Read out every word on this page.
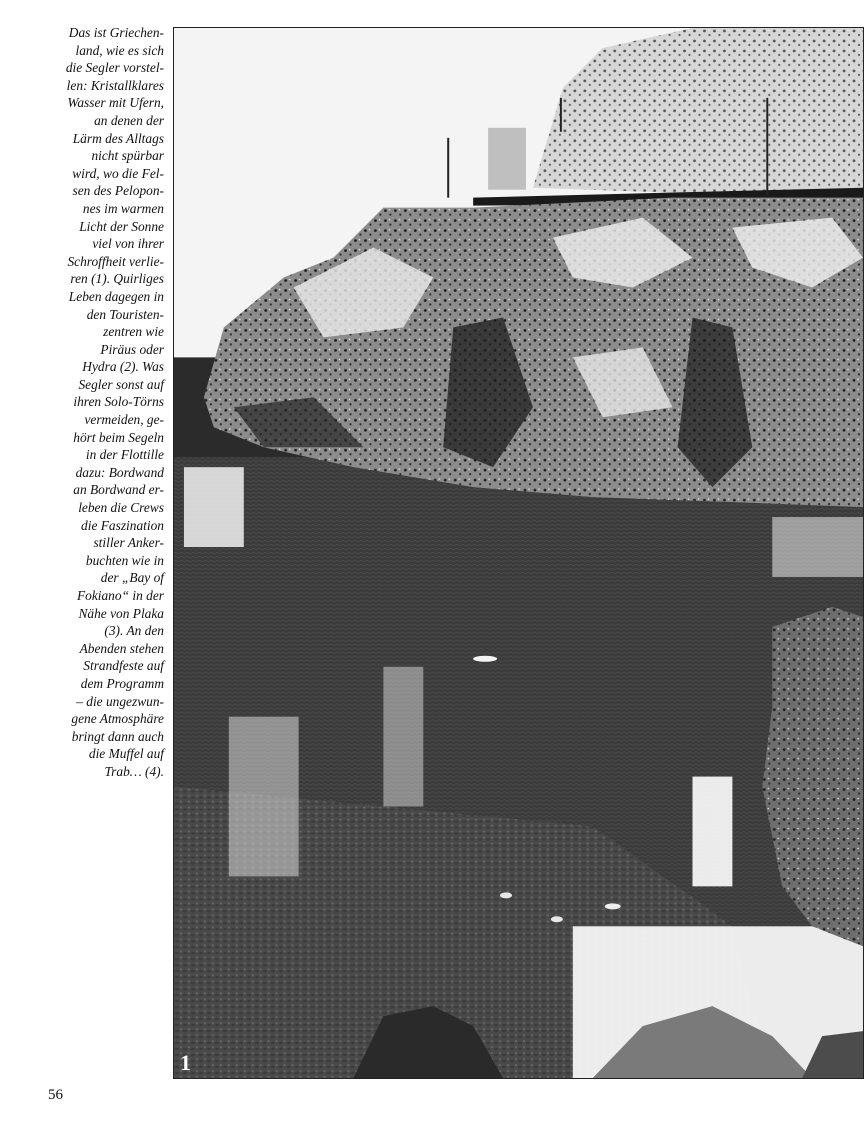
Das ist Griechen-
land, wie es sich
die Segler vorstel-
len: Kristallklares
Wasser mit Ufern,
an denen der
Lärm des Alltags
nicht spürbar
wird, wo die Fel-
sen des Pelopon-
nes im warmen
Licht der Sonne
viel von ihrer
Schroffheit verlie-
ren (1). Quirliges
Leben dagegen in
den Touristen-
zentren wie
Piräus oder
Hydra (2). Was
Segler sonst auf
ihren Solo-Törns
vermeiden, ge-
hört beim Segeln
in der Flottille
dazu: Bordwand
an Bordwand er-
leben die Crews
die Faszination
stiller Anker-
buchten wie in
der „Bay of
Fokiano“ in der
Nähe von Plaka
(3). An den
Abenden stehen
Strandfeste auf
dem Programm
– die ungezwun-
gene Atmosphäre
bringt dann auch
die Muffel auf
Trab… (4).
1
56
